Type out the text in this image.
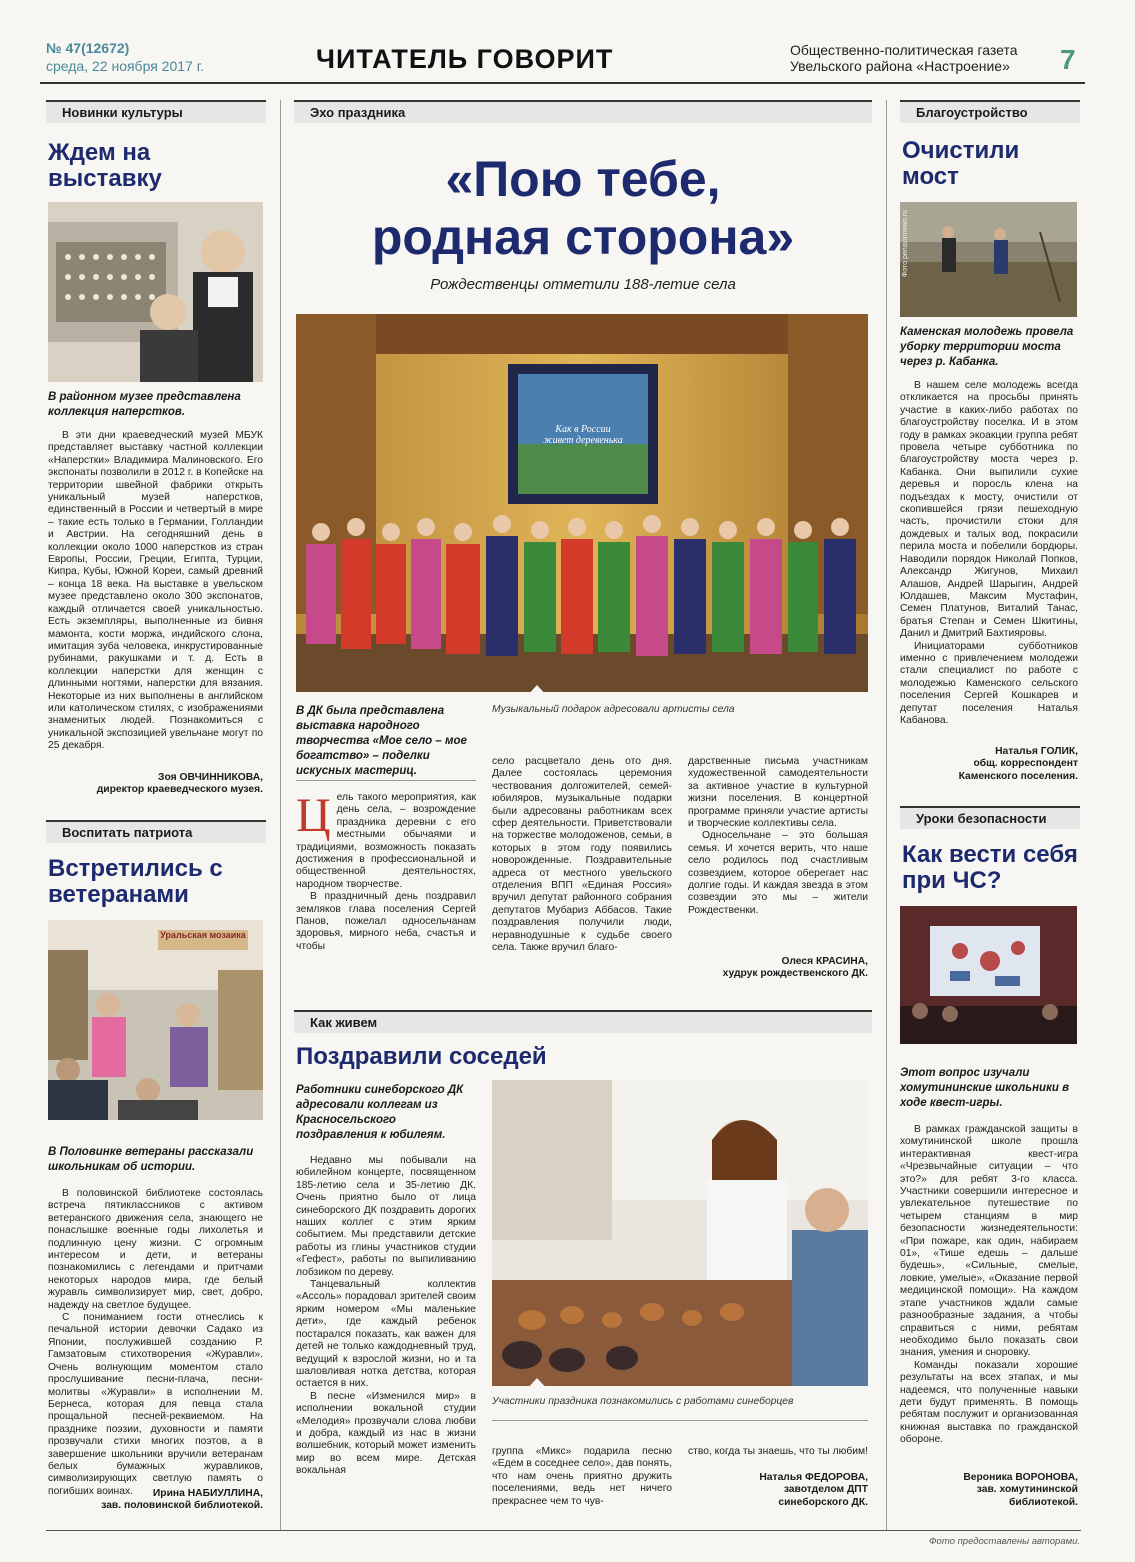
№ 47(12672)
среда, 22 ноября 2017 г.	ЧИТАТЕЛЬ ГОВОРИТ	Общественно-политическая газета
Увельского района «Настроение»	7
Новинки культуры
Ждем на выставку
В районном музее представлена коллекция наперстков.

В эти дни краеведческий музей МБУК представляет выставку частной коллекции «Наперстки» Владимира Малиновского. Его экспонаты позволили в 2012 г. в Копейске на территории швейной фабрики открыть уникальный музей наперстков, единственный в России и четвертый в мире – такие есть только в Германии, Голландии и Австрии. На сегодняшний день в коллекции около 1000 наперстков из стран Европы, России, Греции, Египта, Турции, Кипра, Кубы, Южной Кореи, самый древний – конца 18 века. На выставке в увельском музее представлено около 300 экспонатов, каждый отличается своей уникальностью. Есть экземпляры, выполненные из бивня мамонта, кости моржа, индийского слона, имитация зуба человека, инкрустированные рубинами, ракушками и т. д. Есть в коллекции наперстки для женщин с длинными ногтями, наперстки для вязания. Некоторые из них выполнены в английском или католическом стилях, с изображениями знаменитых людей. Познакомиться с уникальной экспозицией увельчане могут по 25 декабря.

Зоя ОВЧИННИКОВА,
директор краеведческого музея.
Воспитать патриота
Встретились с ветеранами
Уральская мозаика
В Половинке ветераны рассказали школьникам об истории.

В половинской библиотеке состоялась встреча пятиклассников с активом ветеранского движения села, знающего не понаслышке военные годы лихолетья и подлинную цену жизни. С огромным интересом и дети, и ветераны познакомились с легендами и притчами некоторых народов мира, где белый журавль символизирует мир, свет, добро, надежду на светлое будущее.

С пониманием гости отнеслись к печальной истории девочки Садако из Японии, послужившей созданию Р. Гамзатовым стихотворения «Журавли». Очень волнующим моментом стало прослушивание песни-плача, песни-молитвы «Журавли» в исполнении М. Бернеса, которая для певца стала прощальной песней-реквиемом. На празднике поэзии, духовности и памяти прозвучали стихи многих поэтов, а в завершение школьники вручили ветеранам белых бумажных журавликов, символизирующих светлую память о погибших воинах.	Ирина НАБИУЛЛИНА,
зав. половинской библиотекой.
Эхо праздника
«Пою тебе,
родная сторона»
Рождественцы отметили 188-летие села
Как в России
живет деревенька
В ДК была представлена выставка народного творчества «Мое село – мое богатство» – поделки искусных мастериц.
Музыкальный подарок адресовали артисты села
Ц ель такого мероприятия, как день села, – возрождение праздника деревни с его местными обычаями и традициями, возможность показать достижения в профессиональной и общественной деятельностях, народном творчестве.

В праздничный день поздравил земляков глава поселения Сергей Панов, пожелал односельчанам здоровья, мирного неба, счастья и чтобы

село расцветало день ото дня. Далее состоялась церемония чествования долгожителей, семей-юбиляров, музыкальные подарки были адресованы работникам всех сфер деятельности. Приветствовали на торжестве молодоженов, семьи, в которых в этом году появились новорожденные. Поздравительные адреса от местного увельского отделения ВПП «Единая Россия» вручил депутат районного собрания депутатов Мубариз Аббасов. Такие поздравления получили люди, неравнодушные к судьбе своего села. Также вручил благо-

дарственные письма участникам художественной самодеятельности за активное участие в культурной жизни поселения. В концертной программе приняли участие артисты и творческие коллективы села.

Односельчане – это большая семья. И хочется верить, что наше село родилось под счастливым созвездием, которое оберегает нас долгие годы. И каждая звезда в этом созвездии это мы – жители Рождественки.

Олеся КРАСИНА,
худрук рождественского ДК.
Как живем
Поздравили соседей
Работники синеборского ДК адресовали коллегам из Красносельского поздравления к юбилеям.

Недавно мы побывали на юбилейном концерте, посвященном 185-летию села и 35-летию ДК. Очень приятно было от лица синеборского ДК поздравить дорогих наших коллег с этим ярким событием. Мы представили детские работы из глины участников студии «Гефест», работы по выпиливанию лобзиком по дереву.

Танцевальный коллектив «Ассоль» порадовал зрителей своим ярким номером «Мы маленькие дети», где каждый ребенок постарался показать, как важен для детей не только каждодневный труд, ведущий к взрослой жизни, но и та шаловливая нотка детства, которая остается в них.

В песне «Изменился мир» в исполнении вокальной студии «Мелодия» прозвучали слова любви и добра, каждый из нас в жизни волшебник, который может изменить мир во всем мире. Детская вокальная

Участники праздника познакомились с работами синеборцев
группа «Микс» подарила песню «Едем в соседнее село», дав понять, что нам очень приятно дружить поселениями, ведь нет ничего прекраснее чем то чув-
ство, когда ты знаешь, что ты любим!
Наталья ФЕДОРОВА,
завотделом ДПТ
синеборского ДК.
Благоустройство
Очистили мост
Фото pensionnews.ru
Каменская молодежь провела уборку территории моста через р. Кабанка.

В нашем селе молодежь всегда откликается на просьбы принять участие в каких-либо работах по благоустройству поселка. И в этом году в рамках экоакции группа ребят провела четыре субботника по благоустройству моста через р. Кабанка. Они выпилили сухие деревья и поросль клена на подъездах к мосту, очистили от скопившейся грязи пешеходную часть, прочистили стоки для дождевых и талых вод, покрасили перила моста и побелили бордюры. Наводили порядок Николай Попков, Александр Жигунов, Михаил Алашов, Андрей Шарыгин, Андрей Юлдашев, Максим Мустафин, Семен Платунов, Виталий Танас, братья Степан и Семен Шкитины, Данил и Дмитрий Бахтияровы.

Инициаторами субботников именно с привлечением молодежи стали специалист по работе с молодежью Каменского сельского поселения Сергей Кошкарев и депутат поселения Наталья Кабанова.

Наталья ГОЛИК,
общ. корреспондент
Каменского поселения.
Уроки безопасности
Как вести себя при ЧС?
Этот вопрос изучали хомутининские школьники в ходе квест-игры.

В рамках гражданской защиты в хомутининской школе прошла интерактивная квест-игра «Чрезвычайные ситуации – что это?» для ребят 3-го класса. Участники совершили интересное и увлекательное путешествие по четырем станциям в мир безопасности жизнедеятельности: «При пожаре, как один, набираем 01», «Тише едешь – дальше будешь», «Сильные, смелые, ловкие, умелые», «Оказание первой медицинской помощи». На каждом этапе участников ждали самые разнообразные задания, а чтобы справиться с ними, ребятам необходимо было показать свои знания, умения и сноровку.

Команды показали хорошие результаты на всех этапах, и мы надеемся, что полученные навыки дети будут применять. В помощь ребятам послужит и организованная книжная выставка по гражданской обороне.

Вероника ВОРОНОВА,
зав. хомутининской
библиотекой.
Фото предоставлены авторами.
